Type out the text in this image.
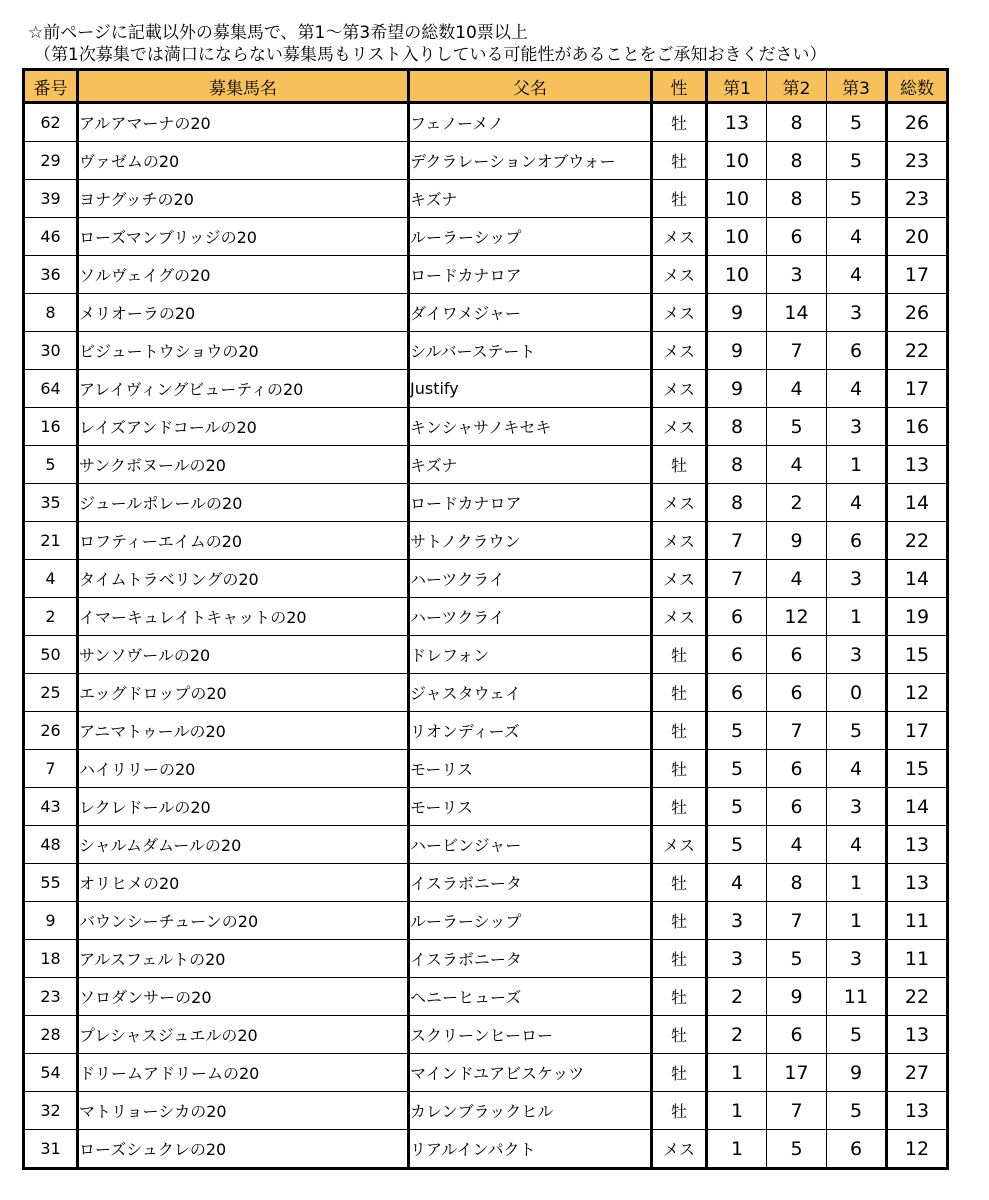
☆前ページに記載以外の募集馬で、第1～第3希望の総数10票以上
（第1次募集では満口にならない募集馬もリスト入りしている可能性があることをご承知おきください）
番号	募集馬名	父名	性	第1	第2	第3	総数
62	アルアマーナの20	フェノーメノ	牡	13	8	5	26
29	ヴァゼムの20	デクラレーションオブウォー	牡	10	8	5	23
39	ヨナグッチの20	キズナ	牡	10	8	5	23
46	ローズマンブリッジの20	ルーラーシップ	メス	10	6	4	20
36	ソルヴェイグの20	ロードカナロア	メス	10	3	4	17
8	メリオーラの20	ダイワメジャー	メス	9	14	3	26
30	ビジュートウショウの20	シルバーステート	メス	9	7	6	22
64	アレイヴィングビューティの20	Justify	メス	9	4	4	17
16	レイズアンドコールの20	キンシャサノキセキ	メス	8	5	3	16
5	サンクボヌールの20	キズナ	牡	8	4	1	13
35	ジュールポレールの20	ロードカナロア	メス	8	2	4	14
21	ロフティーエイムの20	サトノクラウン	メス	7	9	6	22
4	タイムトラベリングの20	ハーツクライ	メス	7	4	3	14
2	イマーキュレイトキャットの20	ハーツクライ	メス	6	12	1	19
50	サンソヴールの20	ドレフォン	牡	6	6	3	15
25	エッグドロップの20	ジャスタウェイ	牡	6	6	0	12
26	アニマトゥールの20	リオンディーズ	牡	5	7	5	17
7	ハイリリーの20	モーリス	牡	5	6	4	15
43	レクレドールの20	モーリス	牡	5	6	3	14
48	シャルムダムールの20	ハービンジャー	メス	5	4	4	13
55	オリヒメの20	イスラボニータ	牡	4	8	1	13
9	バウンシーチューンの20	ルーラーシップ	牡	3	7	1	11
18	アルスフェルトの20	イスラボニータ	牡	3	5	3	11
23	ソロダンサーの20	ヘニーヒューズ	牡	2	9	11	22
28	プレシャスジュエルの20	スクリーンヒーロー	牡	2	6	5	13
54	ドリームアドリームの20	マインドユアビスケッツ	牡	1	17	9	27
32	マトリョーシカの20	カレンブラックヒル	牡	1	7	5	13
31	ローズシュクレの20	リアルインパクト	メス	1	5	6	12
